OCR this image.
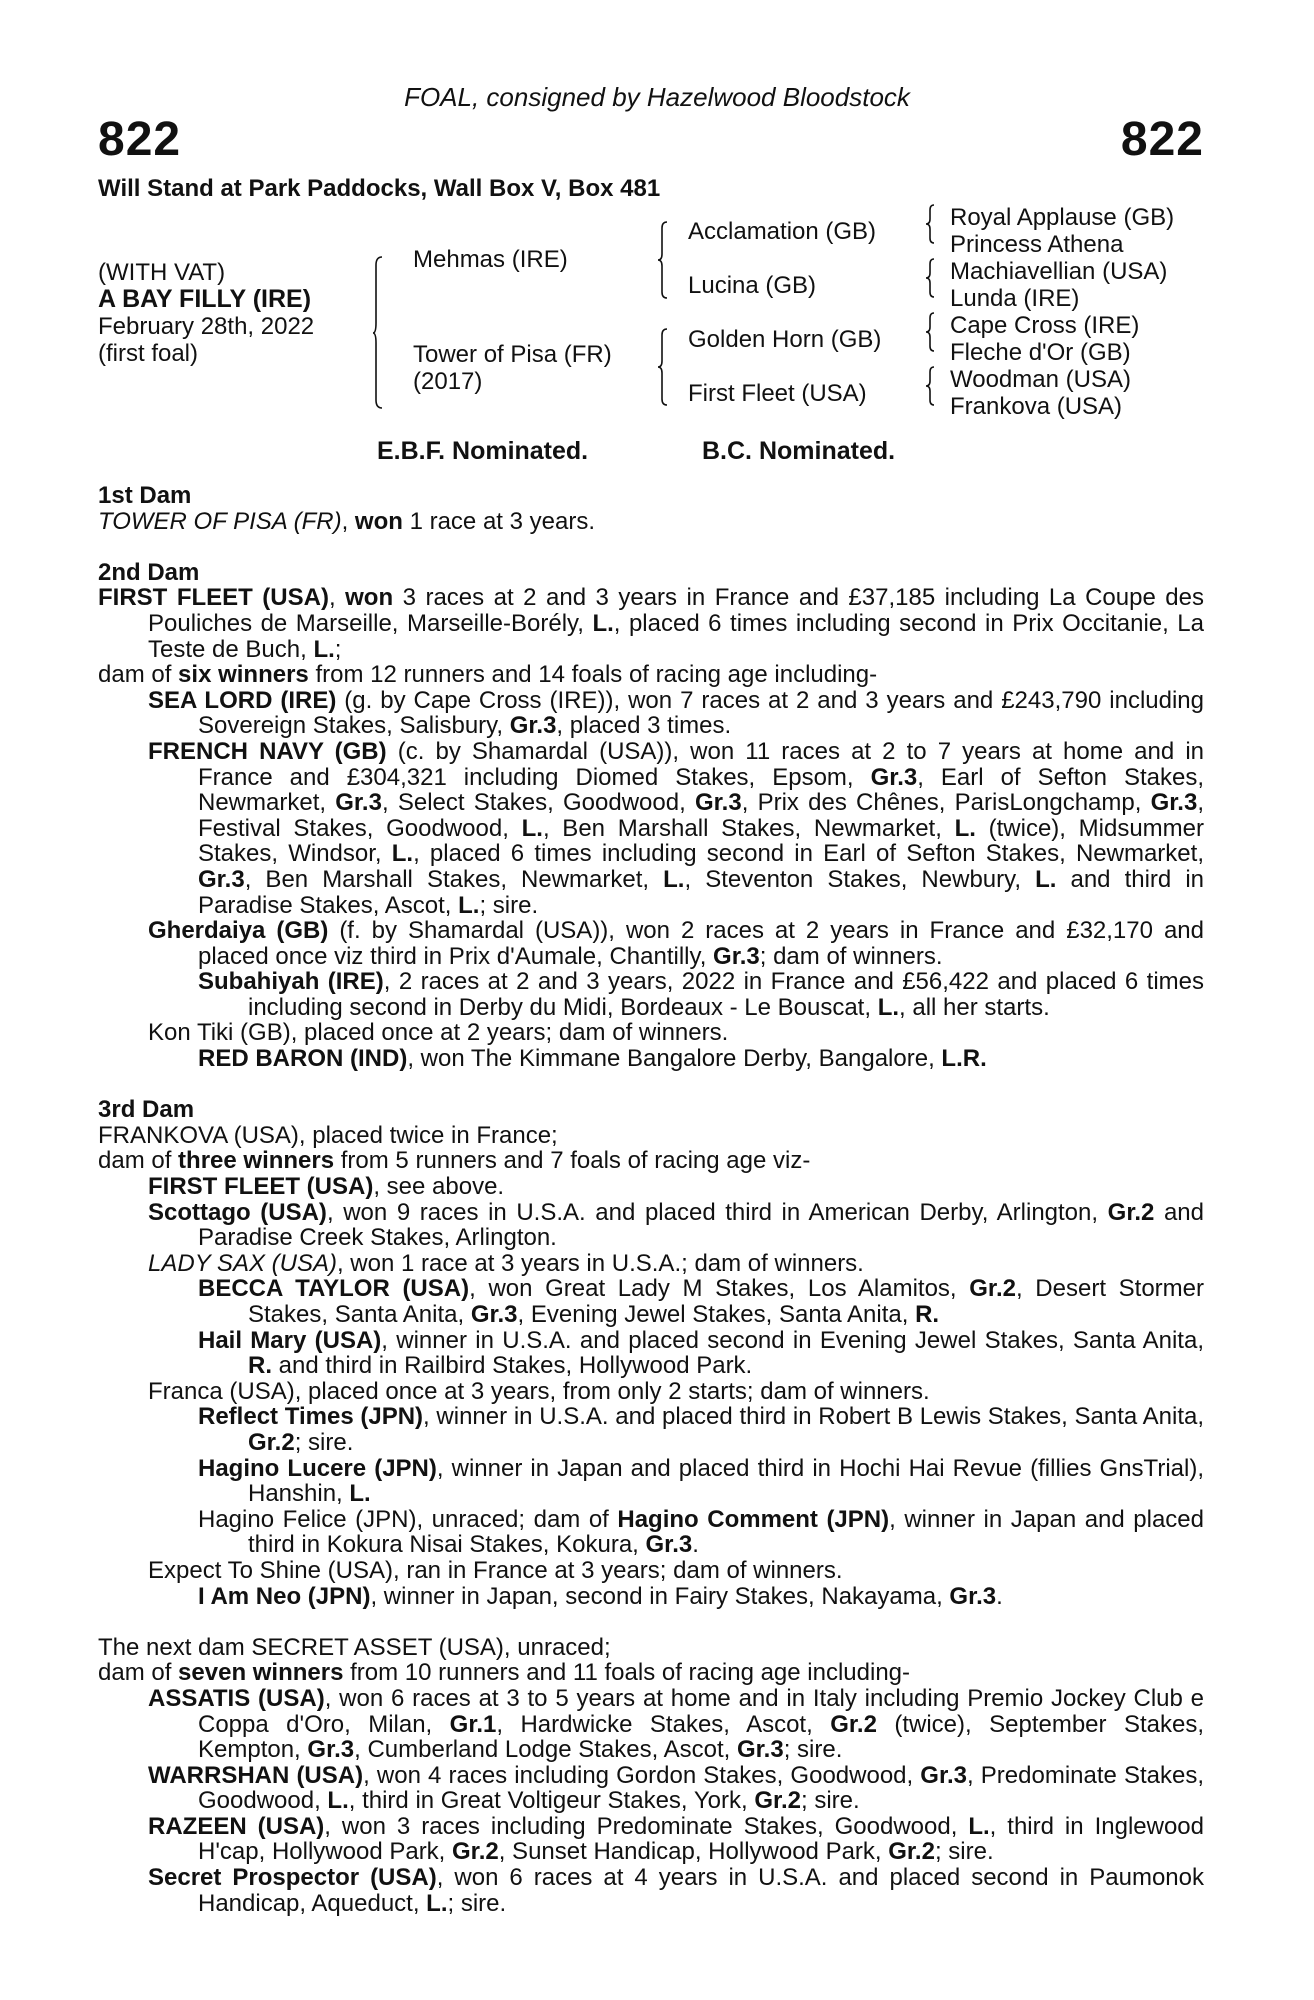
FOAL, consigned by Hazelwood Bloodstock
822	822
Will Stand at Park Paddocks, Wall Box V, Box 481
(WITH VAT)
A BAY FILLY (IRE)
February 28th, 2022
(first foal)
Mehmas (IRE)
Tower of Pisa (FR)
(2017)
Acclamation (GB)
Lucina (GB)
Golden Horn (GB)
First Fleet (USA)
Royal Applause (GB)
Princess Athena
Machiavellian (USA)
Lunda (IRE)
Cape Cross (IRE)
Fleche d'Or (GB)
Woodman (USA)
Frankova (USA)
E.B.F. Nominated.	B.C. Nominated.
1st Dam
TOWER OF PISA (FR), won 1 race at 3 years.
2nd Dam
FIRST FLEET (USA), won 3 races at 2 and 3 years in France and £37,185 including La Coupe des Pouliches de Marseille, Marseille-Borély, L., placed 6 times including second in Prix Occitanie, La Teste de Buch, L.;
dam of six winners from 12 runners and 14 foals of racing age including-
SEA LORD (IRE) (g. by Cape Cross (IRE)), won 7 races at 2 and 3 years and £243,790 including Sovereign Stakes, Salisbury, Gr.3, placed 3 times.
FRENCH NAVY (GB) (c. by Shamardal (USA)), won 11 races at 2 to 7 years at home and in France and £304,321 including Diomed Stakes, Epsom, Gr.3, Earl of Sefton Stakes, Newmarket, Gr.3, Select Stakes, Goodwood, Gr.3, Prix des Chênes, ParisLongchamp, Gr.3, Festival Stakes, Goodwood, L., Ben Marshall Stakes, Newmarket, L. (twice), Midsummer Stakes, Windsor, L., placed 6 times including second in Earl of Sefton Stakes, Newmarket, Gr.3, Ben Marshall Stakes, Newmarket, L., Steventon Stakes, Newbury, L. and third in Paradise Stakes, Ascot, L.; sire.
Gherdaiya (GB) (f. by Shamardal (USA)), won 2 races at 2 years in France and £32,170 and placed once viz third in Prix d'Aumale, Chantilly, Gr.3; dam of winners.
Subahiyah (IRE), 2 races at 2 and 3 years, 2022 in France and £56,422 and placed 6 times including second in Derby du Midi, Bordeaux - Le Bouscat, L., all her starts.
Kon Tiki (GB), placed once at 2 years; dam of winners.
RED BARON (IND), won The Kimmane Bangalore Derby, Bangalore, L.R.
3rd Dam
FRANKOVA (USA), placed twice in France;
dam of three winners from 5 runners and 7 foals of racing age viz-
FIRST FLEET (USA), see above.
Scottago (USA), won 9 races in U.S.A. and placed third in American Derby, Arlington, Gr.2 and Paradise Creek Stakes, Arlington.
LADY SAX (USA), won 1 race at 3 years in U.S.A.; dam of winners.
BECCA TAYLOR (USA), won Great Lady M Stakes, Los Alamitos, Gr.2, Desert Stormer Stakes, Santa Anita, Gr.3, Evening Jewel Stakes, Santa Anita, R.
Hail Mary (USA), winner in U.S.A. and placed second in Evening Jewel Stakes, Santa Anita, R. and third in Railbird Stakes, Hollywood Park.
Franca (USA), placed once at 3 years, from only 2 starts; dam of winners.
Reflect Times (JPN), winner in U.S.A. and placed third in Robert B Lewis Stakes, Santa Anita, Gr.2; sire.
Hagino Lucere (JPN), winner in Japan and placed third in Hochi Hai Revue (fillies GnsTrial), Hanshin, L.
Hagino Felice (JPN), unraced; dam of Hagino Comment (JPN), winner in Japan and placed third in Kokura Nisai Stakes, Kokura, Gr.3.
Expect To Shine (USA), ran in France at 3 years; dam of winners.
I Am Neo (JPN), winner in Japan, second in Fairy Stakes, Nakayama, Gr.3.
The next dam SECRET ASSET (USA), unraced;
dam of seven winners from 10 runners and 11 foals of racing age including-
ASSATIS (USA), won 6 races at 3 to 5 years at home and in Italy including Premio Jockey Club e Coppa d'Oro, Milan, Gr.1, Hardwicke Stakes, Ascot, Gr.2 (twice), September Stakes, Kempton, Gr.3, Cumberland Lodge Stakes, Ascot, Gr.3; sire.
WARRSHAN (USA), won 4 races including Gordon Stakes, Goodwood, Gr.3, Predominate Stakes, Goodwood, L., third in Great Voltigeur Stakes, York, Gr.2; sire.
RAZEEN (USA), won 3 races including Predominate Stakes, Goodwood, L., third in Inglewood H'cap, Hollywood Park, Gr.2, Sunset Handicap, Hollywood Park, Gr.2; sire.
Secret Prospector (USA), won 6 races at 4 years in U.S.A. and placed second in Paumonok Handicap, Aqueduct, L.; sire.
